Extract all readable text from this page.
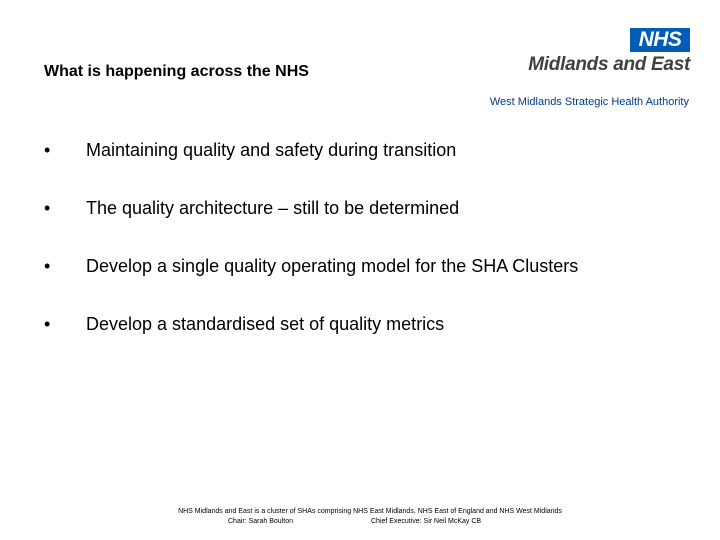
What is happening across the NHS
NHS
Midlands and East
West Midlands Strategic Health Authority
• Maintaining quality and safety during transition
• The quality architecture – still to be determined
• Develop a single quality operating model for the SHA Clusters
• Develop a standardised set of quality metrics
NHS Midlands and East is a cluster of SHAs comprising NHS East Midlands, NHS East of England and NHS West Midlands
Chair: Sarah Boulton	Chief Executive: Sir Neil McKay CB
